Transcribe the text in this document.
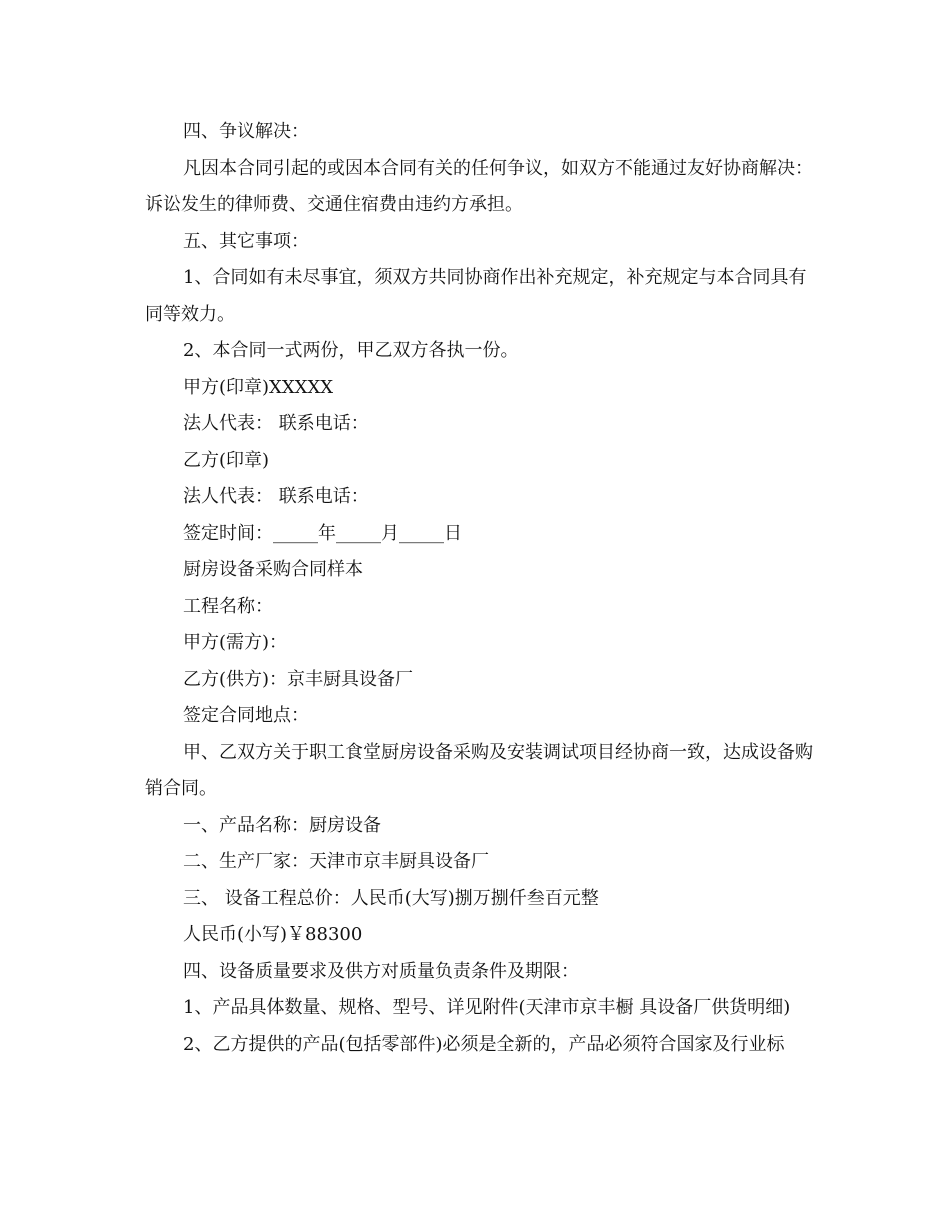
四、争议解决：

凡因本合同引起的或因本合同有关的任何争议，如双方不能通过友好协商解决：诉讼发生的律师费、交通住宿费由违约方承担。

五、其它事项：

1、合同如有未尽事宜，须双方共同协商作出补充规定，补充规定与本合同具有同等效力。

2、本合同一式两份，甲乙双方各执一份。

甲方(印章)XXXXX

法人代表： 联系电话：

乙方(印章)

法人代表： 联系电话：

签定时间：_____年_____月_____日

厨房设备采购合同样本

工程名称：

甲方(需方)：

乙方(供方)：京丰厨具设备厂

签定合同地点：

甲、乙双方关于职工食堂厨房设备采购及安装调试项目经协商一致，达成设备购销合同。

一、产品名称：厨房设备

二、生产厂家：天津市京丰厨具设备厂

三、 设备工程总价：人民币(大写)捌万捌仟叁百元整

人民币(小写)￥88300

四、设备质量要求及供方对质量负责条件及期限：

1、产品具体数量、规格、型号、详见附件(天津市京丰橱 具设备厂供货明细)

2、乙方提供的产品(包括零部件)必须是全新的，产品必须符合国家及行业标
